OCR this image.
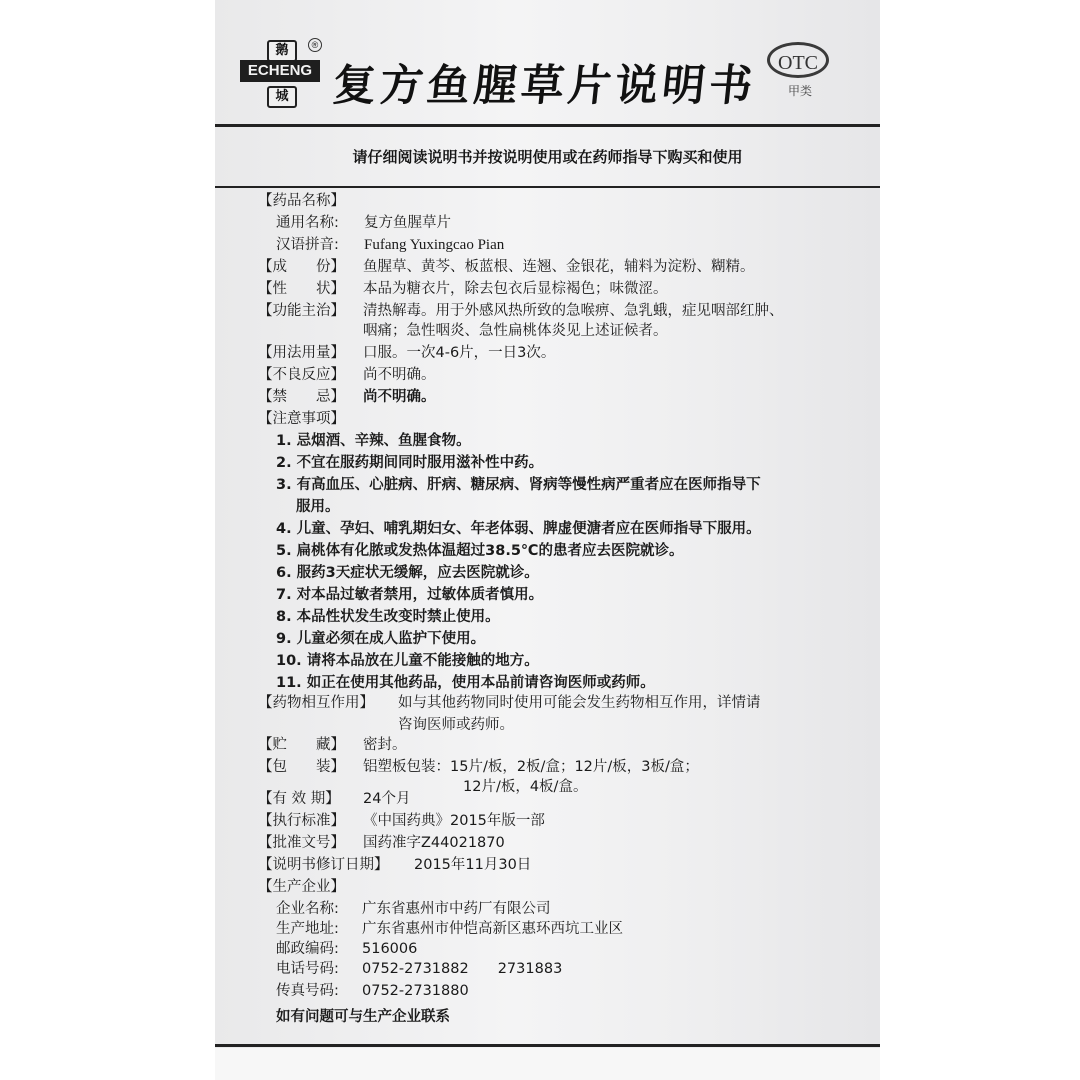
鹅
ECHENG
城
®
复方鱼腥草片说明书 OTC
甲类
请仔细阅读说明书并按说明使用或在药师指导下购买和使用
【药品名称】
通用名称: 复方鱼腥草片
汉语拼音: Fufang Yuxingcao Pian
【成　　份】 鱼腥草、黄芩、板蓝根、连翘、金银花，辅料为淀粉、糊精。
【性　　状】 本品为糖衣片，除去包衣后显棕褐色；味微涩。
【功能主治】 清热解毒。用于外感风热所致的急喉痹、急乳蛾，症见咽部红肿、
咽痛；急性咽炎、急性扁桃体炎见上述证候者。
【用法用量】 口服。一次4-6片，一日3次。
【不良反应】 尚不明确。
【禁　　忌】 尚不明确。
【注意事项】
1. 忌烟酒、辛辣、鱼腥食物。
2. 不宜在服药期间同时服用滋补性中药。
3. 有高血压、心脏病、肝病、糖尿病、肾病等慢性病严重者应在医师指导下
服用。
4. 儿童、孕妇、哺乳期妇女、年老体弱、脾虚便溏者应在医师指导下服用。
5. 扁桃体有化脓或发热体温超过38.5℃的患者应去医院就诊。
6. 服药3天症状无缓解，应去医院就诊。
7. 对本品过敏者禁用，过敏体质者慎用。
8. 本品性状发生改变时禁止使用。
9. 儿童必须在成人监护下使用。
10. 请将本品放在儿童不能接触的地方。
11. 如正在使用其他药品，使用本品前请咨询医师或药师。
【药物相互作用】 如与其他药物同时使用可能会发生药物相互作用，详情请
咨询医师或药师。
【贮　　藏】 密封。
【包　　装】 铝塑板包装：15片/板，2板/盒；12片/板，3板/盒；
12片/板，4板/盒。
【有 效 期】 24个月
【执行标准】 《中国药典》2015年版一部
【批准文号】 国药准字Z44021870
【说明书修订日期】 2015年11月30日
【生产企业】
企业名称: 广东省惠州市中药厂有限公司
生产地址: 广东省惠州市仲恺高新区惠环西坑工业区
邮政编码: 516006
电话号码: 0752-2731882　　2731883
传真号码: 0752-2731880
如有问题可与生产企业联系
